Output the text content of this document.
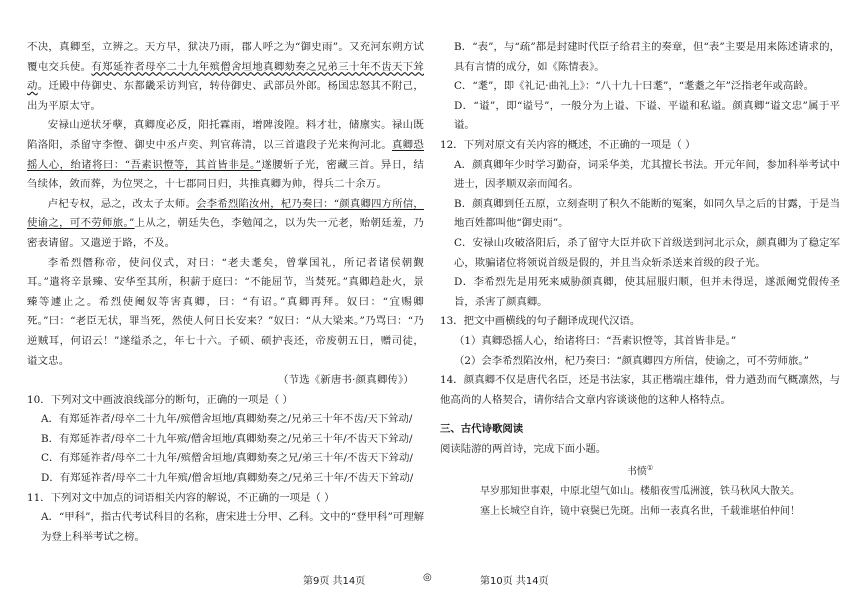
不决，真卿至，立辨之。天方早，狱决乃雨，郡人呼之为“御史雨”。又充河东朔方试覆屯交兵使。有郑延祚者母卒二十九年殡僧舍垣地真卿劾奏之兄弟三十年不齿天下耸动。迁殿中侍御史、东都畿采访判官，转侍御史、武部员外郎。杨国忠怒其不附己，出为平原太守。

安禄山逆状牙孽，真卿度必反，阳托霖雨，增陴浚隍。料才壮，储廪实。禄山既陷洛阳，杀留守李憕、御史中丞卢奕、判官蒋清，以三首遣段子光来徇河北。真卿恐摇人心，绐诸将曰：“吾素识憕等，其首皆非是。”遂腰斩子光，密藏三首。异日，结刍续体，敛而葬，为位哭之，十七郡同日归，共推真卿为帅，得兵二十余万。

卢杞专权，忌之，改太子太师。会李希烈陷汝州，杞乃奏曰：“颜真卿四方所信，使谕之，可不劳师旅。”上从之，朝廷失色，李勉闻之，以为失一元老，贻朝廷羞，乃密表请留。又遣逆于路，不及。

李希烈僭称帝，使问仪式，对曰：“老夫耄矣，曾掌国礼，所记者诸侯朝觐耳。”遣将辛景臻、安华至其所，积薪于庭曰：“不能屈节，当焚死。”真卿趋赴火，景臻等遽止之。希烈使阉奴等害真卿，曰：“有诏。”真卿再拜。奴曰：“宜赐卿死。”曰：“老臣无状，罪当死，然使人何日长安来？”奴曰：“从大梁来。”乃骂曰：“乃逆贼耳，何诏云！”遂缢杀之，年七十六。子硕、硕护丧还，帝废朝五日，赠司徒，谥文忠。

（节选《新唐书·颜真卿传》）

10．下列对文中画波浪线部分的断句，正确的一项是（ ）

A．有郑延祚者/母卒二十九年/殡僧舍垣地/真卿劾奏之/兄弟三十年不齿/天下耸动/

B．有郑延祚者/母卒二十九年殡/僧舍垣地/真卿劾奏之/兄弟三十年/不齿天下耸动/

C．有郑延祚者/母卒二十九年/殡僧舍垣地/真卿劾奏之兄/弟三十年/不齿天下耸动/

D．有郑延祚者/母卒二十九年殡/僧舍垣地/真卿劾奏之/兄弟三十年/不齿天下耸动/

11．下列对文中加点的词语相关内容的解说，不正确的一项是（ ）

A．“甲科”，指古代考试科目的名称，唐宋进士分甲、乙科。文中的“登甲科”可理解为登上科举考试之榜。

B．“表”，与“疏”都是封建时代臣子给君主的奏章，但“表”主要是用来陈述请求的，具有言情的成分，如《陈情表》。

C．“耄”，即《礼记·曲礼上》：“八十九十曰耄”，“耄耋之年”泛指老年或高龄。

D．“谥”，即“谥号”，一般分为上谥、下谥、平谥和私谥。颜真卿“谥文忠”属于平谥。

12．下列对原文有关内容的概述，不正确的一项是（ ）

A．颜真卿年少时学习勤奋，词采华美，尤其擅长书法。开元年间，参加科举考试中进士，因孝顺双亲而闻名。

B．颜真卿到任五原，立刻查明了积久不能断的冤案，如同久旱之后的甘露，于是当地百姓都叫他“御史雨”。

C．安禄山攻破洛阳后，杀了留守大臣并砍下首级送到河北示众，颜真卿为了稳定军心，欺骗诸位将领说首级是假的，并且当众斩杀送来首级的段子光。

D．李希烈先是用死来威胁颜真卿，使其屈服归顺，但并未得逞，遂派阉党假传圣旨，杀害了颜真卿。

13．把文中画横线的句子翻译成现代汉语。

（1）真卿恐摇人心，绐诸将曰：“吾素识憕等，其首皆非是。”

（2）会李希烈陷汝州，杞乃奏曰：“颜真卿四方所信，使谕之，可不劳师旅。”

14．颜真卿不仅是唐代名臣，还是书法家，其正楷端庄雄伟，骨力遒劲而气概凛然，与他高尚的人格契合，请你结合文章内容谈谈他的这种人格特点。

三、古代诗歌阅读

阅读陆游的两首诗，完成下面小题。

书愤①

早岁那知世事艰，中原北望气如山。楼船夜雪瓜洲渡，铁马秋风大散关。

塞上长城空自许，镜中衰鬓已先斑。出师一表真名世，千载谁堪伯仲间！

第9页 共14页	◎	第10页 共14页
